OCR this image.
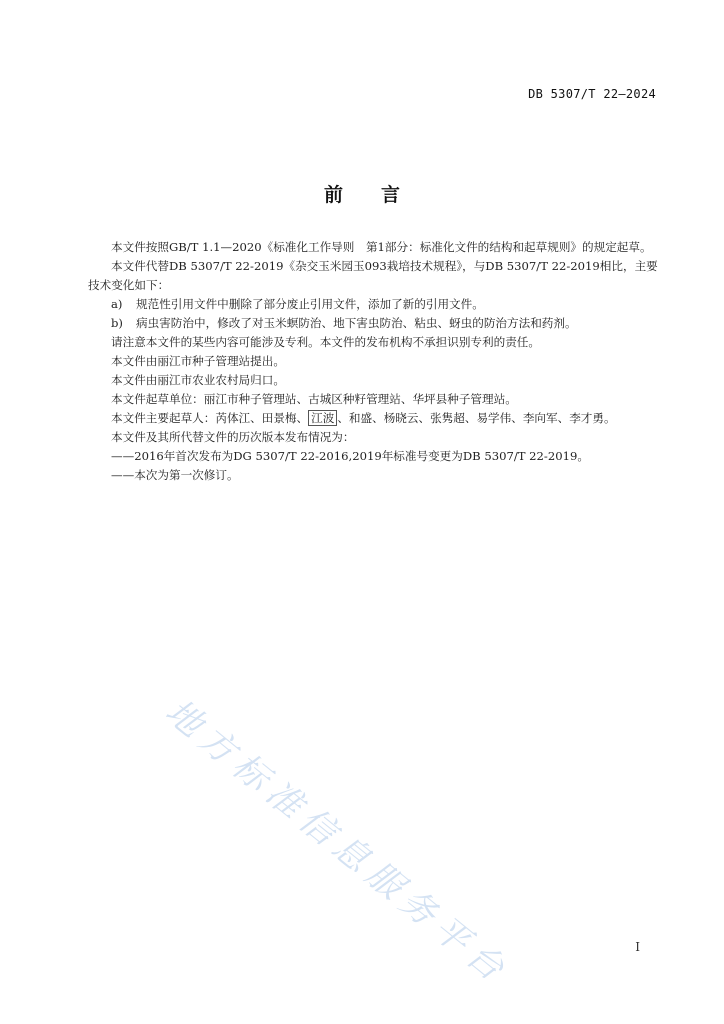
DB 5307/T 22—2024
前言

本文件按照GB/T 1.1—2020《标准化工作导则　第1部分：标准化文件的结构和起草规则》的规定起草。

本文件代替DB 5307/T 22-2019《杂交玉米园玉093栽培技术规程》，与DB 5307/T 22-2019相比，主要技术变化如下：

a) 规范性引用文件中删除了部分废止引用文件，添加了新的引用文件。

b) 病虫害防治中，修改了对玉米螟防治、地下害虫防治、粘虫、蚜虫的防治方法和药剂。

请注意本文件的某些内容可能涉及专利。本文件的发布机构不承担识别专利的责任。

本文件由丽江市种子管理站提出。

本文件由丽江市农业农村局归口。

本文件起草单位：丽江市种子管理站、古城区种籽管理站、华坪县种子管理站。

本文件主要起草人：芮体江、田景梅、 江波 、和盛、杨晓云、张隽超、易学伟、李向军、李才勇。

本文件及其所代替文件的历次版本发布情况为：

——2016年首次发布为DG 5307/T 22-2016,2019年标准号变更为DB 5307/T 22-2019。

——本次为第一次修订。

地方标准信息服务平台	I
